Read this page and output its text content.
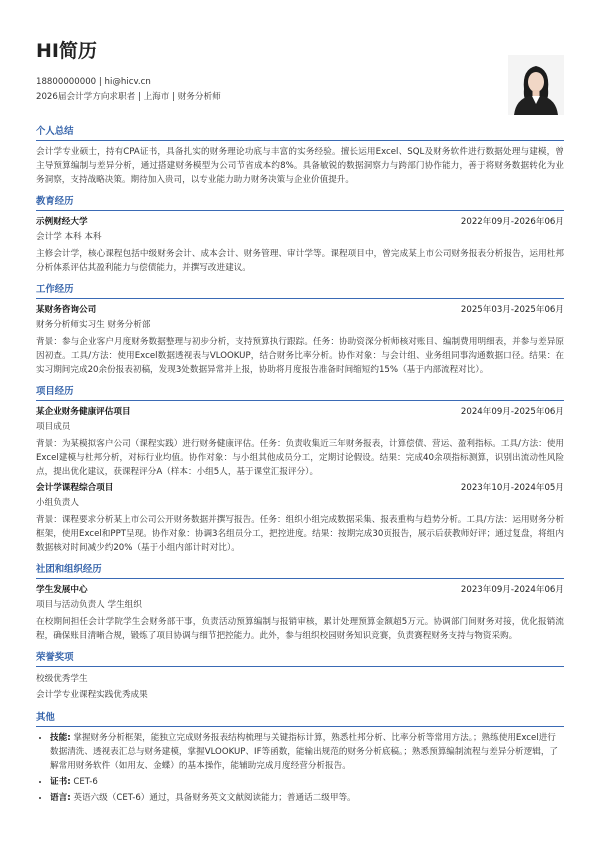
HI简历
18800000000 | hi@hicv.cn
2026届会计学方向求职者 | 上海市 | 财务分析师
个人总结
会计学专业硕士，持有CPA证书，具备扎实的财务理论功底与丰富的实务经验。擅长运用Excel、SQL及财务软件进行数据处理与建模，曾主导预算编制与差异分析，通过搭建财务模型为公司节省成本约8%。具备敏锐的数据洞察力与跨部门协作能力，善于将财务数据转化为业务洞察，支持战略决策。期待加入贵司，以专业能力助力财务决策与企业价值提升。
教育经历
示例财经大学	2022年09月-2026年06月
会计学 本科 本科
主修会计学，核心课程包括中级财务会计、成本会计、财务管理、审计学等。课程项目中，曾完成某上市公司财务报表分析报告，运用杜邦分析体系评估其盈利能力与偿债能力，并撰写改进建议。
工作经历
某财务咨询公司	2025年03月-2025年06月
财务分析师实习生 财务分析部
背景：参与企业客户月度财务数据整理与初步分析，支持预算执行跟踪。任务：协助资深分析师核对账目、编制费用明细表，并参与差异原因初查。工具/方法：使用Excel数据透视表与VLOOKUP，结合财务比率分析。协作对象：与会计组、业务组同事沟通数据口径。结果：在实习期间完成20余份报表初稿，发现3处数据异常并上报，协助将月度报告准备时间缩短约15%（基于内部流程对比）。
项目经历
某企业财务健康评估项目	2024年09月-2025年06月
项目成员
背景：为某模拟客户公司（课程实践）进行财务健康评估。任务：负责收集近三年财务报表，计算偿债、营运、盈利指标。工具/方法：使用Excel建模与杜邦分析，对标行业均值。协作对象：与小组其他成员分工，定期讨论假设。结果：完成40余项指标测算，识别出流动性风险点，提出优化建议，获课程评分A（样本：小组5人，基于课堂汇报评分）。
会计学课程综合项目	2023年10月-2024年05月
小组负责人
背景：课程要求分析某上市公司公开财务数据并撰写报告。任务：组织小组完成数据采集、报表重构与趋势分析。工具/方法：运用财务分析框架，使用Excel和PPT呈现。协作对象：协调3名组员分工，把控进度。结果：按期完成30页报告，展示后获教师好评；通过复盘，将组内数据核对时间减少约20%（基于小组内部计时对比）。
社团和组织经历
学生发展中心	2023年09月-2024年06月
项目与活动负责人 学生组织
在校期间担任会计学院学生会财务部干事，负责活动预算编制与报销审核，累计处理预算金额超5万元。协调部门间财务对接，优化报销流程，确保账目清晰合规，锻炼了项目协调与细节把控能力。此外，参与组织校园财务知识竞赛，负责赛程财务支持与物资采购。
荣誉奖项
校级优秀学生
会计学专业课程实践优秀成果
其他
• 技能: 掌握财务分析框架，能独立完成财务报表结构梳理与关键指标计算，熟悉杜邦分析、比率分析等常用方法。；熟练使用Excel进行数据清洗、透视表汇总与财务建模，掌握VLOOKUP、IF等函数，能输出规范的财务分析底稿。；熟悉预算编制流程与差异分析逻辑，了解常用财务软件（如用友、金蝶）的基本操作，能辅助完成月度经营分析报告。
• 证书: CET-6
• 语言: 英语六级（CET-6）通过，具备财务英文文献阅读能力；普通话二级甲等。
